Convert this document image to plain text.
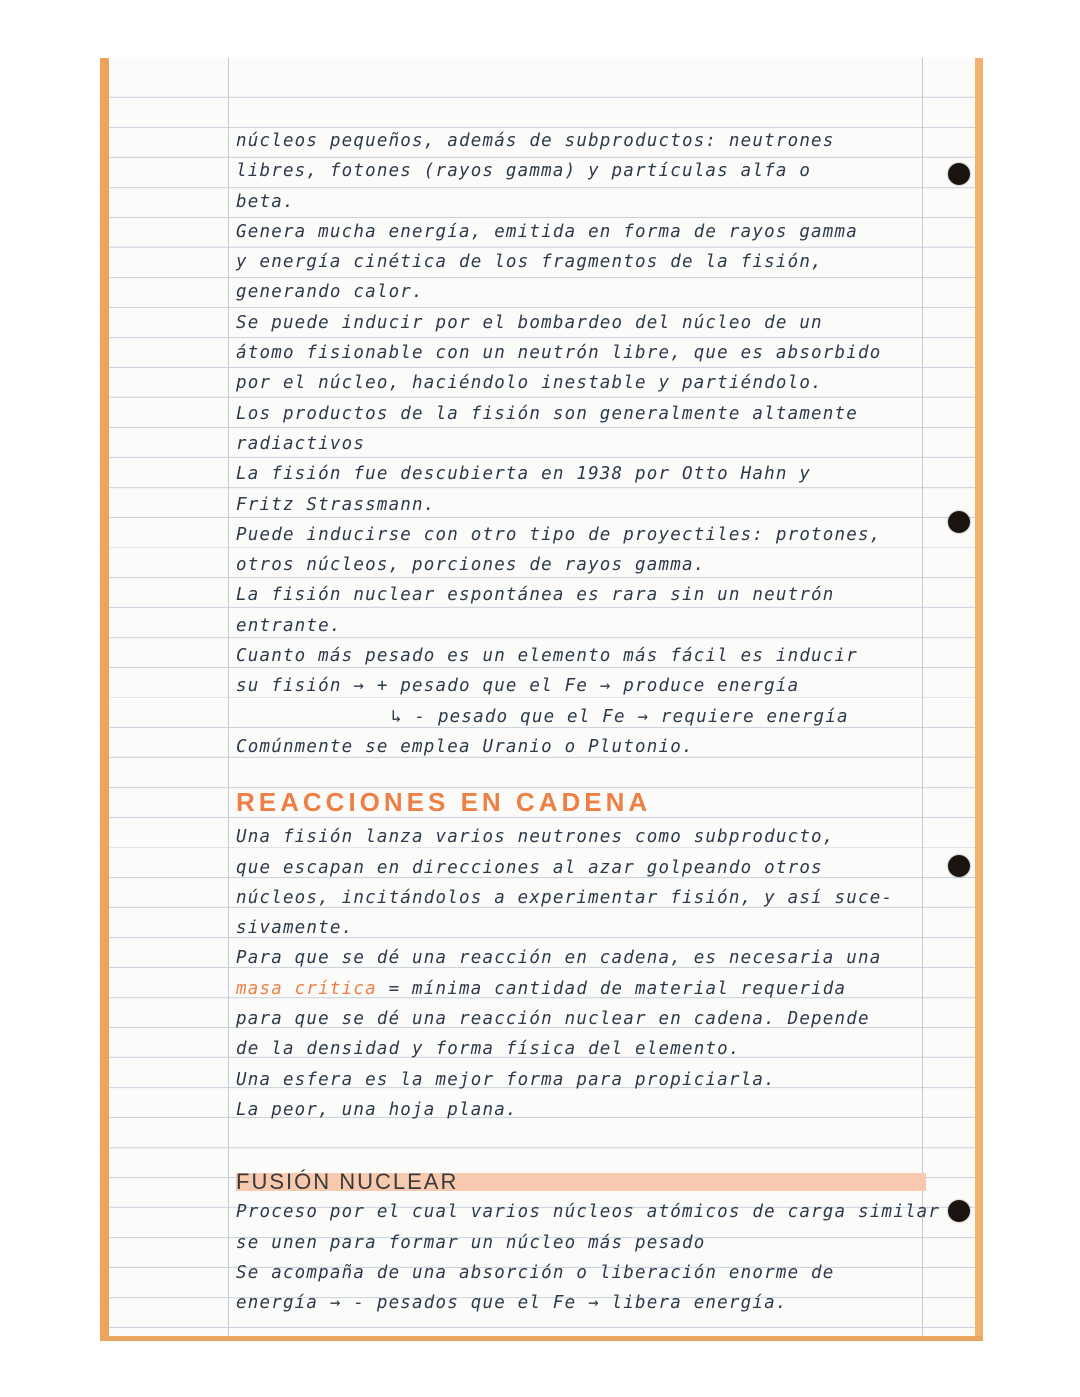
núcleos pequeños, además de subproductos: neutrones
libres, fotones (rayos gamma) y partículas alfa o
beta.
Genera mucha energía, emitida en forma de rayos gamma
y energía cinética de los fragmentos de la fisión,
generando calor.
Se puede inducir por el bombardeo del núcleo de un
átomo fisionable con un neutrón libre, que es absorbido
por el núcleo, haciéndolo inestable y partiéndolo.
Los productos de la fisión son generalmente altamente
radiactivos
La fisión fue descubierta en 1938 por Otto Hahn y
Fritz Strassmann.
Puede inducirse con otro tipo de proyectiles: protones,
otros núcleos, porciones de rayos gamma.
La fisión nuclear espontánea es rara sin un neutrón
entrante.
Cuanto más pesado es un elemento más fácil es inducir
su fisión → + pesado que el Fe → produce energía
↳ - pesado que el Fe → requiere energía
Comúnmente se emplea Uranio o Plutonio.
REACCIONES EN CADENA
Una fisión lanza varios neutrones como subproducto,
que escapan en direcciones al azar golpeando otros
núcleos, incitándolos a experimentar fisión, y así suce-
sivamente.
Para que se dé una reacción en cadena, es necesaria una
masa crítica = mínima cantidad de material requerida
para que se dé una reacción nuclear en cadena. Depende
de la densidad y forma física del elemento.
Una esfera es la mejor forma para propiciarla.
La peor, una hoja plana.
FUSIÓN NUCLEAR
Proceso por el cual varios núcleos atómicos de carga similar
se unen para formar un núcleo más pesado
Se acompaña de una absorción o liberación enorme de
energía → - pesados que el Fe → libera energía.
